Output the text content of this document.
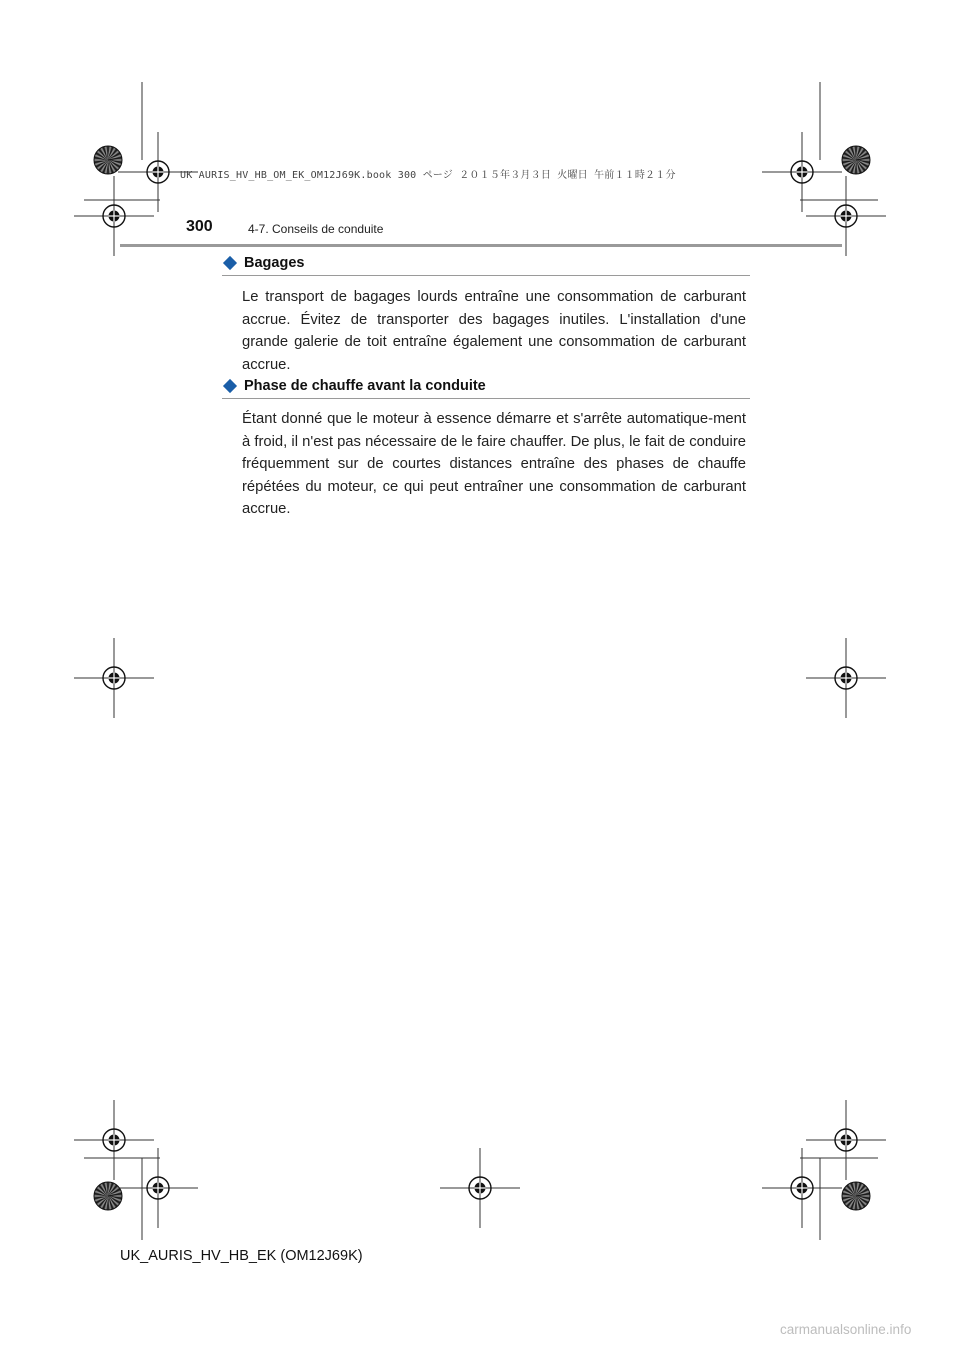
UK AURIS_HV_HB_OM_EK_OM12J69K.book 300 ページ ２０１５年３月３日 火曜日 午前１１時２１分
300	4-7. Conseils de conduite
Bagages

Le transport de bagages lourds entraîne une consommation de carburant accrue. Évitez de transporter des bagages inutiles. L'installation d'une grande galerie de toit entraîne également une consommation de carburant accrue.

Phase de chauffe avant la conduite

Étant donné que le moteur à essence démarre et s'arrête automatique-ment à froid, il n'est pas nécessaire de le faire chauffer. De plus, le fait de conduire fréquemment sur de courtes distances entraîne des phases de chauffe répétées du moteur, ce qui peut entraîner une consommation de carburant accrue.

UK_AURIS_HV_HB_EK (OM12J69K)
carmanualsonline.info
